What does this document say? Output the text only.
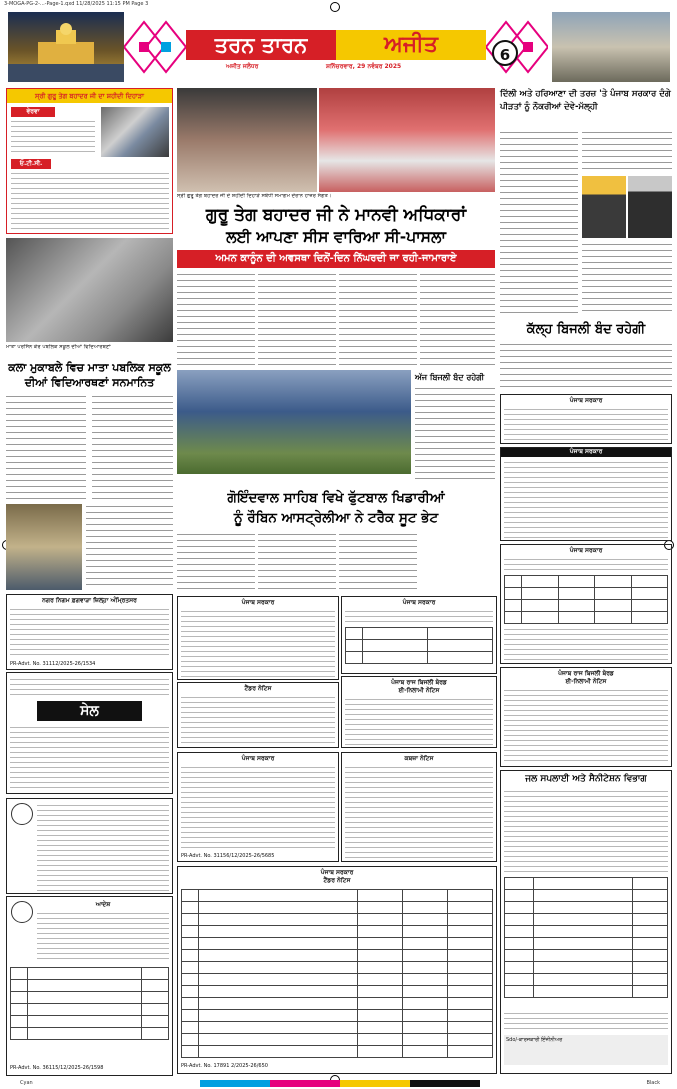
3-MOGA-PG-2-...-Page-1.qxd 11/28/2025 11:15 PM Page 3
ਤਰਨ ਤਾਰਨ	ਅਜੀਤ
ਅਜੀਤ ਜਲੰਧਰ	ਸ਼ਨਿੱਚਰਵਾਰ, 29 ਨਵੰਬਰ 2025
6
ਸ੍ਰੀ ਗੁਰੂ ਤੇਗ ਬਹਾਦਰ ਜੀ ਦਾ ਸ਼ਹੀਦੀ ਦਿਹਾੜਾ
ਵੇਰਵਾ
ਓ.ਟੀ.ਸੀ.
ਮਾਤਾ ਪਰਸਿੰਨ ਕੌਰ ਪਬਲਿਕ ਸਕੂਲ ਦੀਆਂ ਵਿਦਿਆਰਥਣਾਂ
ਕਲਾ ਮੁਕਾਬਲੇ ਵਿਚ ਮਾਤਾ ਪਬਲਿਕ ਸਕੂਲ ਦੀਆਂ ਵਿਦਿਆਰਥਣਾਂ ਸਨਮਾਨਿਤ
ਸ੍ਰੀ ਗੁਰੂ ਤੇਗ ਬਹਾਦਰ ਜੀ ਦੇ ਸ਼ਹੀਦੀ ਦਿਹਾੜੇ ਸਬੰਧੀ ਸਮਾਗਮ ਦੌਰਾਨ ਹਾਜ਼ਰ ਸੰਗਤ।
ਗੁਰੂ ਤੇਗ ਬਹਾਦਰ ਜੀ ਨੇ ਮਾਨਵੀ ਅਧਿਕਾਰਾਂ
ਲਈ ਆਪਣਾ ਸੀਸ ਵਾਰਿਆ ਸੀ-ਪਾਸਲਾ
ਅਮਨ ਕਾਨੂੰਨ ਦੀ ਅਵਸਥਾ ਦਿਨੋਂ-ਦਿਨ ਨਿੱਘਰਦੀ ਜਾ ਰਹੀ-ਜਾਮਾਰਾਏ
ਗੋਇੰਦਵਾਲ ਸਾਹਿਬ ਵਿਖੇ ਫੁੱਟਬਾਲ ਖਿਡਾਰੀਆਂ
ਨੂੰ ਰੌਬਿਨ ਆਸਟ੍ਰੇਲੀਆ ਨੇ ਟਰੈਕ ਸੂਟ ਭੇਟ
ਅੱਜ ਬਿਜਲੀ ਬੰਦ ਰਹੇਗੀ
ਦਿੱਲੀ ਅਤੇ ਹਰਿਆਣਾ ਦੀ ਤਰਜ਼ 'ਤੇ ਪੰਜਾਬ ਸਰਕਾਰ ਦੰਗੇ ਪੀੜਤਾਂ ਨੂੰ ਨੌਕਰੀਆਂ ਦੇਵੇ-ਮੱਲ੍ਹੀ
ਕੱਲ੍ਹ ਬਿਜਲੀ ਬੰਦ ਰਹੇਗੀ
ਪੰਜਾਬ ਸਰਕਾਰ
ਪੰਜਾਬ ਸਰਕਾਰ
ਪੰਜਾਬ ਸਰਕਾਰ

ਪੰਜਾਬ ਰਾਜ ਬਿਜਲੀ ਬੋਰਡ
ਈ-ਨਿਲਾਮੀ ਨੋਟਿਸ
ਜਲ ਸਪਲਾਈ ਅਤੇ ਸੈਨੀਟੇਸ਼ਨ ਵਿਭਾਗ

Sdo/-ਕਾਰਜਕਾਰੀ ਇੰਜੀਨੀਅਰ
ਨਗਰ ਨਿਗਮ ਫ਼ਗਵਾੜਾ ਜ਼ਿਲ੍ਹਾ ਅੰਮ੍ਰਿਤਸਰ
PR-Advt. No. 31112/2025-26/1534
ਸੇਲ
ਆਦੇਸ਼

PR-Advt. No. 36115/12/2025-26/1598
ਪੰਜਾਬ ਸਰਕਾਰ	ਪੰਜਾਬ ਸਰਕਾਰ

ਟੈਂਡਰ ਨੋਟਿਸ
ਪੰਜਾਬ ਰਾਜ ਬਿਜਲੀ ਬੋਰਡ
ਈ-ਨਿਲਾਮੀ ਨੋਟਿਸ
ਪੰਜਾਬ ਸਰਕਾਰ
PR-Advt. No. 31156/12/2025-26/5685
ਕਬਜ਼ਾ ਨੋਟਿਸ
ਪੰਜਾਬ ਸਰਕਾਰ
ਟੈਂਡਰ ਨੋਟਿਸ

PR-Advt. No. 17891 2/2025-26/650
Cyan	Black
